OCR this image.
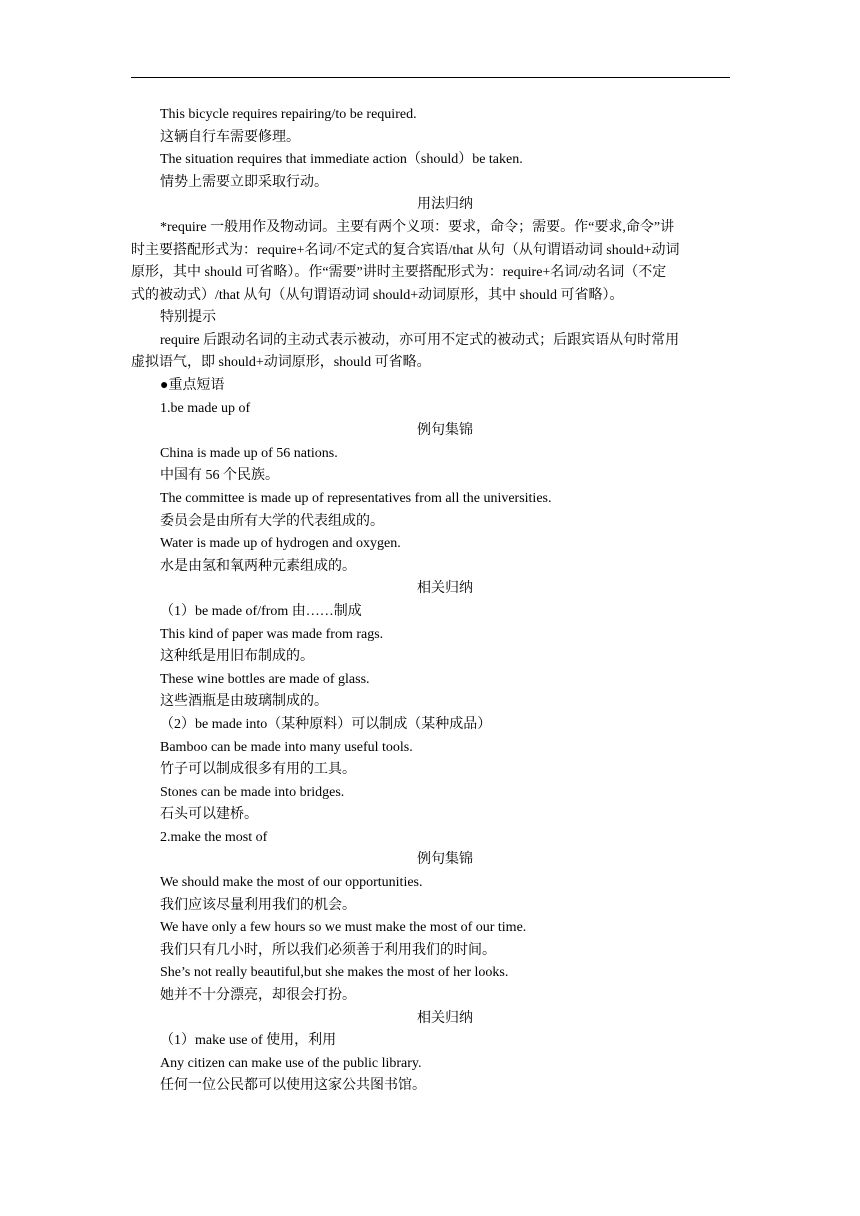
This bicycle requires repairing/to be required.
这辆自行车需要修理。
The situation requires that immediate action（should）be taken.
情势上需要立即采取行动。
用法归纳
*require 一般用作及物动词。主要有两个义项：要求，命令；需要。作“要求,命令”讲
时主要搭配形式为：require+名词/不定式的复合宾语/that 从句（从句谓语动词 should+动词
原形，其中 should 可省略）。作“需要”讲时主要搭配形式为：require+名词/动名词（不定
式的被动式）/that 从句（从句谓语动词 should+动词原形，其中 should 可省略）。
特别提示
require 后跟动名词的主动式表示被动，亦可用不定式的被动式；后跟宾语从句时常用
虚拟语气，即 should+动词原形，should 可省略。
●重点短语
1.be made up of
例句集锦
China is made up of 56 nations.
中国有 56 个民族。
The committee is made up of representatives from all the universities.
委员会是由所有大学的代表组成的。
Water is made up of hydrogen and oxygen.
水是由氢和氧两种元素组成的。
相关归纳
（1）be made of/from 由……制成
This kind of paper was made from rags.
这种纸是用旧布制成的。
These wine bottles are made of glass.
这些酒瓶是由玻璃制成的。
（2）be made into（某种原料）可以制成（某种成品）
Bamboo can be made into many useful tools.
竹子可以制成很多有用的工具。
Stones can be made into bridges.
石头可以建桥。
2.make the most of
例句集锦
We should make the most of our opportunities.
我们应该尽量利用我们的机会。
We have only a few hours so we must make the most of our time.
我们只有几小时，所以我们必须善于利用我们的时间。
She’s not really beautiful,but she makes the most of her looks.
她并不十分漂亮，却很会打扮。
相关归纳
（1）make use of 使用，利用
Any citizen can make use of the public library.
任何一位公民都可以使用这家公共图书馆。
